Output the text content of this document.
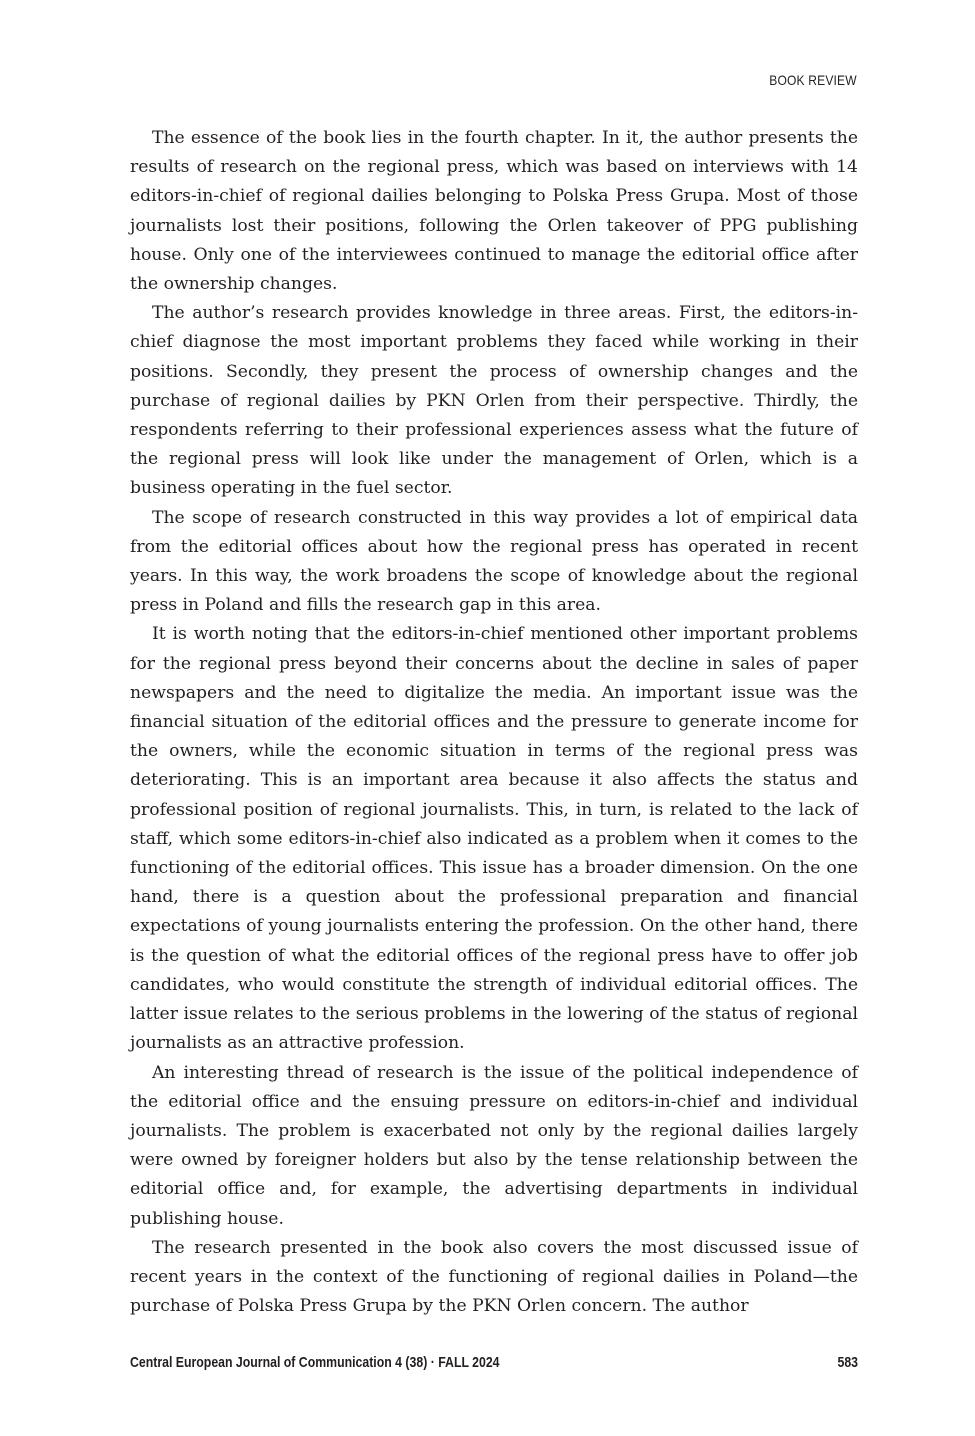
BOOK REVIEW

The essence of the book lies in the fourth chapter. In it, the author presents the results of research on the regional press, which was based on interviews with 14 editors-in-chief of regional dailies belonging to Polska Press Grupa. Most of those journalists lost their positions, following the Orlen takeover of PPG publishing house. Only one of the interviewees continued to manage the editorial office after the ownership changes.

The author’s research provides knowledge in three areas. First, the editors-in-chief diagnose the most important problems they faced while working in their positions. Secondly, they present the process of ownership changes and the purchase of regional dailies by PKN Orlen from their perspective. Thirdly, the respondents referring to their professional experiences assess what the future of the regional press will look like under the management of Orlen, which is a business operating in the fuel sector.

The scope of research constructed in this way provides a lot of empirical data from the editorial offices about how the regional press has operated in recent years. In this way, the work broadens the scope of knowledge about the regional press in Poland and fills the research gap in this area.

It is worth noting that the editors-in-chief mentioned other important problems for the regional press beyond their concerns about the decline in sales of paper newspapers and the need to digitalize the media. An important issue was the financial situation of the editorial offices and the pressure to generate income for the owners, while the economic situation in terms of the regional press was deteriorating. This is an important area because it also affects the status and professional position of regional journalists. This, in turn, is related to the lack of staff, which some editors-in-chief also indicated as a problem when it comes to the functioning of the editorial offices. This issue has a broader dimension. On the one hand, there is a question about the professional preparation and financial expectations of young journalists entering the profession. On the other hand, there is the question of what the editorial offices of the regional press have to offer job candidates, who would constitute the strength of individual editorial offices. The latter issue relates to the serious problems in the lowering of the status of regional journalists as an attractive profession.

An interesting thread of research is the issue of the political independence of the editorial office and the ensuing pressure on editors-in-chief and individual journalists. The problem is exacerbated not only by the regional dailies largely were owned by foreigner holders but also by the tense relationship between the editorial office and, for example, the advertising departments in individual publishing house.

The research presented in the book also covers the most discussed issue of recent years in the context of the functioning of regional dailies in Poland—the purchase of Polska Press Grupa by the PKN Orlen concern. The author

Central European Journal of Communication 4 (38) · FALL 2024	583
